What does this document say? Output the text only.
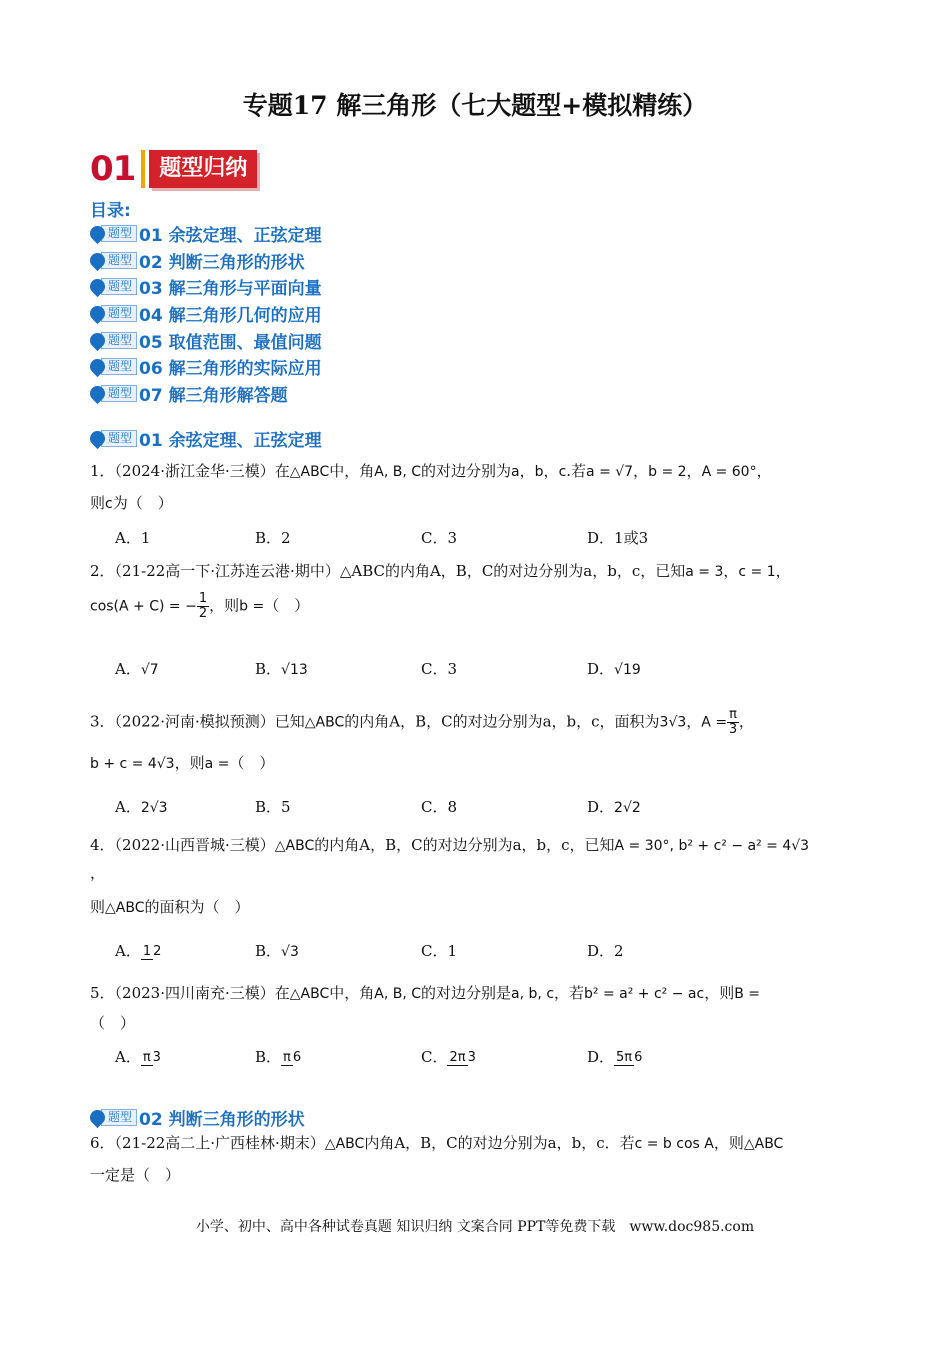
专题17 解三角形（七大题型+模拟精练）
01	题型归纳
目录:
题型 01 余弦定理、正弦定理
题型 02 判断三角形的形状
题型 03 解三角形与平面向量
题型 04 解三角形几何的应用
题型 05 取值范围、最值问题
题型 06 解三角形的实际应用
题型 07 解三角形解答题
题型 01 余弦定理、正弦定理
1．（2024·浙江金华·三模）在△ABC中，角A, B, C的对边分别为a，b，c.若a = √7，b = 2，A = 60°，
则c为（　）
A．1	B．2	C．3	D．1或3
2．（21-22高一下·江苏连云港·期中）△ABC的内角A，B，C的对边分别为a，b，c，已知a = 3，c = 1，
cos(A + C) = − $\frac{1}{2}$ ，则b =（　）
A．√7	B．√13	C．3	D．√19
3．（2022·河南·模拟预测）已知△ABC的内角A，B，C的对边分别为a，b，c，面积为3√3，$A = \frac{\pi}{3}$ ，
b + c = 4√3，则a =（　）
A．2√3	B．5	C．8	D．2√2
4．（2022·山西晋城·三模）△ABC的内角A，B，C的对边分别为a，b，c，已知A = 30°, b² + c² − a² = 4√3
，
则△ABC的面积为（　）
A． 1 2	B．√3	C．1	D．2
5．（2023·四川南充·三模）在△ABC中，角A, B, C的对边分别是a, b, c，若b² = a² + c² − ac，则B =
（　）
A． π 3	B． π 6	C． 2π 3	D． 5π 6
题型 02 判断三角形的形状
6．（21-22高二上·广西桂林·期末）△ABC内角A，B，C的对边分别为a，b，c．若c = b cos A，则△ABC
一定是（　）
小学、初中、高中各种试卷真题 知识归纳 文案合同 PPT等免费下载　www.doc985.com
